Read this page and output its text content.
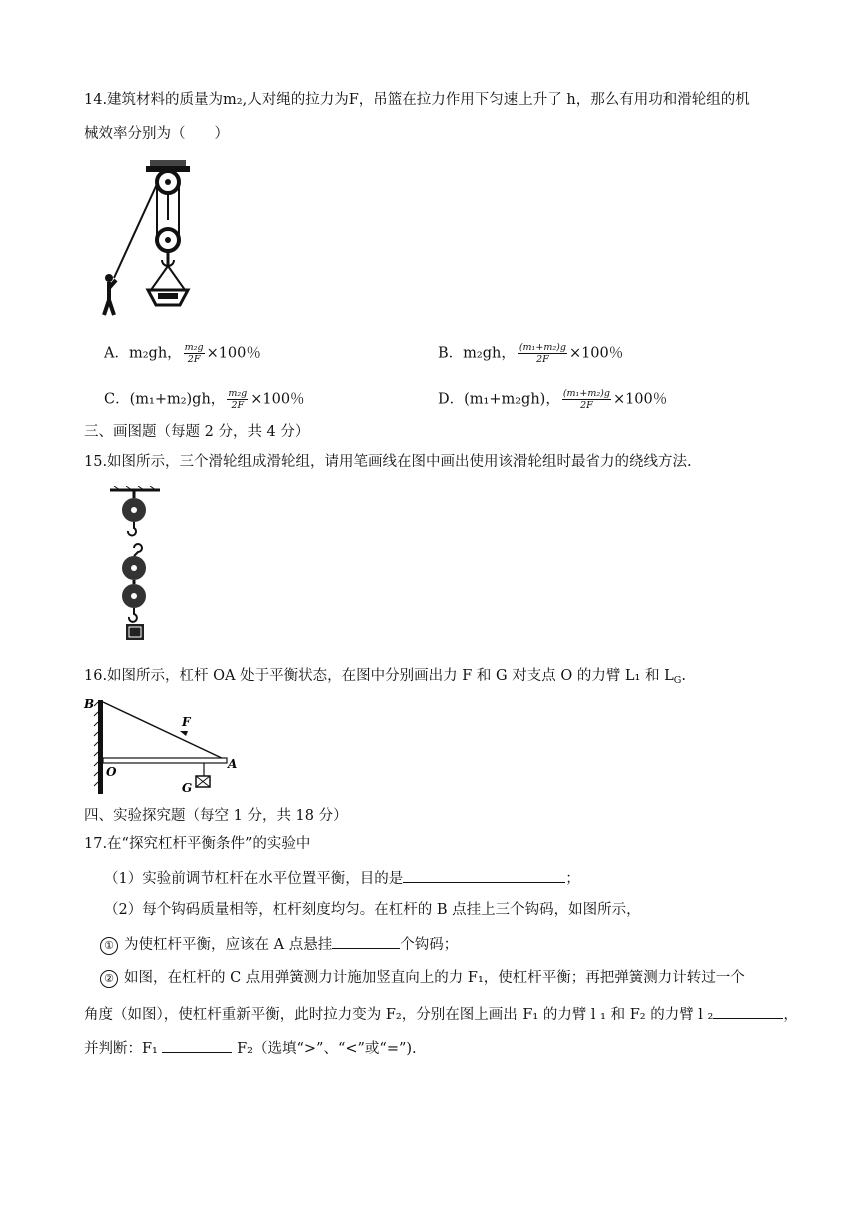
14.建筑材料的质量为m₂,人对绳的拉力为F，吊篮在拉力作用下匀速上升了 h，那么有用功和滑轮组的机
械效率分别为（　　）
A．m₂gh， $\frac{\text{m₂g}}{2F} \times 100$％	B．m₂gh， $\frac{\text{(m₁+m₂)g}}{2F} \times 100$％
C．(m₁+m₂)gh， $\frac{\text{m₂g}}{2F} \times 100$％	D．(m₁+m₂gh)， $\frac{\text{(m₁+m₂)g}}{2F} \times 100$％
三、画图题（每题 2 分，共 4 分）
15.如图所示，三个滑轮组成滑轮组，请用笔画线在图中画出使用该滑轮组时最省力的绕线方法.
16.如图所示，杠杆 OA 处于平衡状态，在图中分别画出力 F 和 G 对支点 O 的力臂 L₁ 和 $L_G$.
B
F
O
G
A
四、实验探究题（每空 1 分，共 18 分）
17.在“探究杠杆平衡条件”的实验中
（1）实验前调节杠杆在水平位置平衡，目的是	；
（2）每个钩码质量相等，杠杆刻度均匀。在杠杆的 B 点挂上三个钩码，如图所示，
① 为使杠杆平衡，应该在 A 点悬挂	个钩码；
② 如图，在杠杆的 C 点用弹簧测力计施加竖直向上的力 F₁，使杠杆平衡；再把弹簧测力计转过一个
角度（如图），使杠杆重新平衡，此时拉力变为 F₂，分别在图上画出 F₁ 的力臂 l ₁ 和 F₂ 的力臂 l ₂	，
并判断：F₁	F₂（选填“>”、“<”或“=”).
